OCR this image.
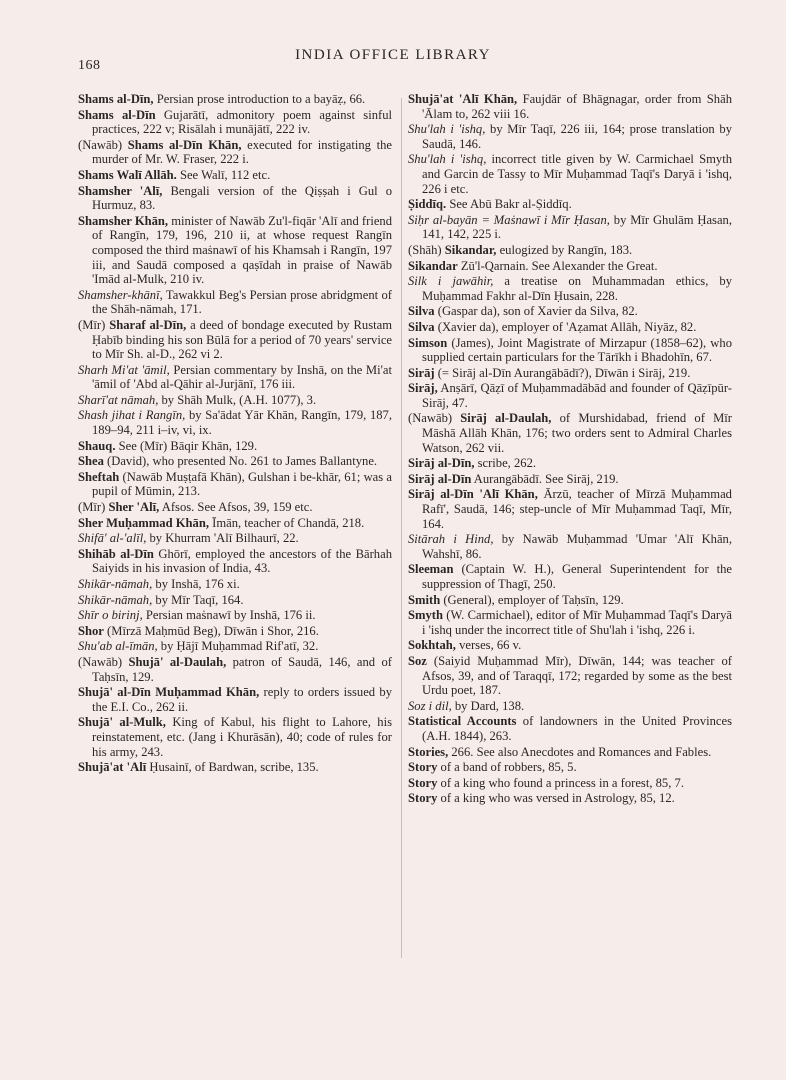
168
INDIA OFFICE LIBRARY
Shams al-Dīn, Persian prose introduction to a bayāẓ, 66.
Shams al-Dīn Gujarātī, admonitory poem against sinful practices, 222 v; Risālah i munājātī, 222 iv.
(Nawāb) Shams al-Dīn Khān, executed for instigating the murder of Mr. W. Fraser, 222 i.
Shams Walī Allāh. See Walī, 112 etc.
Shamsher 'Alī, Bengali version of the Qiṣṣah i Gul o Hurmuz, 83.
Shamsher Khān, minister of Nawāb Zu'l-fiqār 'Alī and friend of Rangīn, 179, 196, 210 ii, at whose request Rangīn composed the third maṡnawī of his Khamsah i Rangīn, 197 iii, and Saudā composed a qaṣīdah in praise of Nawāb 'Imād al-Mulk, 210 iv.
Shamsher-khānī, Tawakkul Beg's Persian prose abridgment of the Shāh-nāmah, 171.
(Mīr) Sharaf al-Dīn, a deed of bondage executed by Rustam Ḥabīb binding his son Būlā for a period of 70 years' service to Mīr Sh. al-D., 262 vi 2.
Sharh Mi'at 'āmil, Persian commentary by Inshā, on the Mi'at 'āmil of 'Abd al-Qāhir al-Jurjānī, 176 iii.
Sharī'at nāmah, by Shāh Mulk, (A.H. 1077), 3.
Shash jihat i Rangīn, by Sa'ādat Yār Khān, Rangīn, 179, 187, 189–94, 211 i–iv, vi, ix.
Shauq. See (Mīr) Bāqir Khān, 129.
Shea (David), who presented No. 261 to James Ballantyne.
Sheftah (Nawāb Muṣṭafā Khān), Gulshan i be-khār, 61; was a pupil of Mūmin, 213.
(Mīr) Sher 'Alī, Afsos. See Afsos, 39, 159 etc.
Sher Muḥammad Khān, Īmān, teacher of Chandā, 218.
Shifā' al-'alīl, by Khurram 'Alī Bilhaurī, 22.
Shihāb al-Dīn Ghōrī, employed the ancestors of the Bārhah Saiyids in his invasion of India, 43.
Shikār-nāmah, by Inshā, 176 xi.
Shikār-nāmah, by Mīr Taqī, 164.
Shīr o birinj, Persian maṡnawī by Inshā, 176 ii.
Shor (Mīrzā Maḥmūd Beg), Dīwān i Shor, 216.
Shu'ab al-īmān, by Ḥājī Muḥammad Rif'atī, 32.
(Nawāb) Shujā' al-Daulah, patron of Saudā, 146, and of Taḥsīn, 129.
Shujā' al-Dīn Muḥammad Khān, reply to orders issued by the E.I. Co., 262 ii.
Shujā' al-Mulk, King of Kabul, his flight to Lahore, his reinstatement, etc. (Jang i Khurāsān), 40; code of rules for his army, 243.
Shujā'at 'Alī Ḥusainī, of Bardwan, scribe, 135.
Shujā'at 'Alī Khān, Faujdār of Bhāgnagar, order from Shāh 'Ālam to, 262 viii 16.
Shu'lah i 'ishq, by Mīr Taqī, 226 iii, 164; prose translation by Saudā, 146.
Shu'lah i 'ishq, incorrect title given by W. Carmichael Smyth and Garcin de Tassy to Mīr Muḥammad Taqī's Daryā i 'ishq, 226 i etc.
Ṣiddīq. See Abū Bakr al-Ṣiddīq.
Siḥr al-bayān = Maṡnawī i Mīr Ḥasan, by Mīr Ghulām Ḥasan, 141, 142, 225 i.
(Shāh) Sikandar, eulogized by Rangīn, 183.
Sikandar Zū'l-Qarnain. See Alexander the Great.
Silk i jawāhir, a treatise on Muhammadan ethics, by Muḥammad Fakhr al-Dīn Ḥusain, 228.
Silva (Gaspar da), son of Xavier da Silva, 82.
Silva (Xavier da), employer of 'Aẓamat Allāh, Niyāz, 82.
Simson (James), Joint Magistrate of Mirzapur (1858–62), who supplied certain particulars for the Tārīkh i Bhadohīn, 67.
Sirāj (= Sirāj al-Dīn Aurangābādī?), Dīwān i Sirāj, 219.
Sirāj, Anṣārī, Qāẓī of Muḥammadābād and founder of Qāẓīpūr-Sirāj, 47.
(Nawāb) Sirāj al-Daulah, of Murshidabad, friend of Mīr Māshā Allāh Khān, 176; two orders sent to Admiral Charles Watson, 262 vii.
Sirāj al-Dīn, scribe, 262.
Sirāj al-Dīn Aurangābādī. See Sirāj, 219.
Sirāj al-Dīn 'Alī Khān, Ārzū, teacher of Mīrzā Muḥammad Rafī', Saudā, 146; step-uncle of Mīr Muḥammad Taqī, Mīr, 164.
Sitārah i Hind, by Nawāb Muḥammad 'Umar 'Alī Khān, Wahshī, 86.
Sleeman (Captain W. H.), General Superintendent for the suppression of Thagī, 250.
Smith (General), employer of Taḥsīn, 129.
Smyth (W. Carmichael), editor of Mīr Muḥammad Taqī's Daryā i 'ishq under the incorrect title of Shu'lah i 'ishq, 226 i.
Sokhtah, verses, 66 v.
Soz (Saiyid Muḥammad Mīr), Dīwān, 144; was teacher of Afsos, 39, and of Taraqqī, 172; regarded by some as the best Urdu poet, 187.
Soz i dil, by Dard, 138.
Statistical Accounts of landowners in the United Provinces (A.H. 1844), 263.
Stories, 266. See also Anecdotes and Romances and Fables.
Story of a band of robbers, 85, 5.
Story of a king who found a princess in a forest, 85, 7.
Story of a king who was versed in Astrology, 85, 12.
